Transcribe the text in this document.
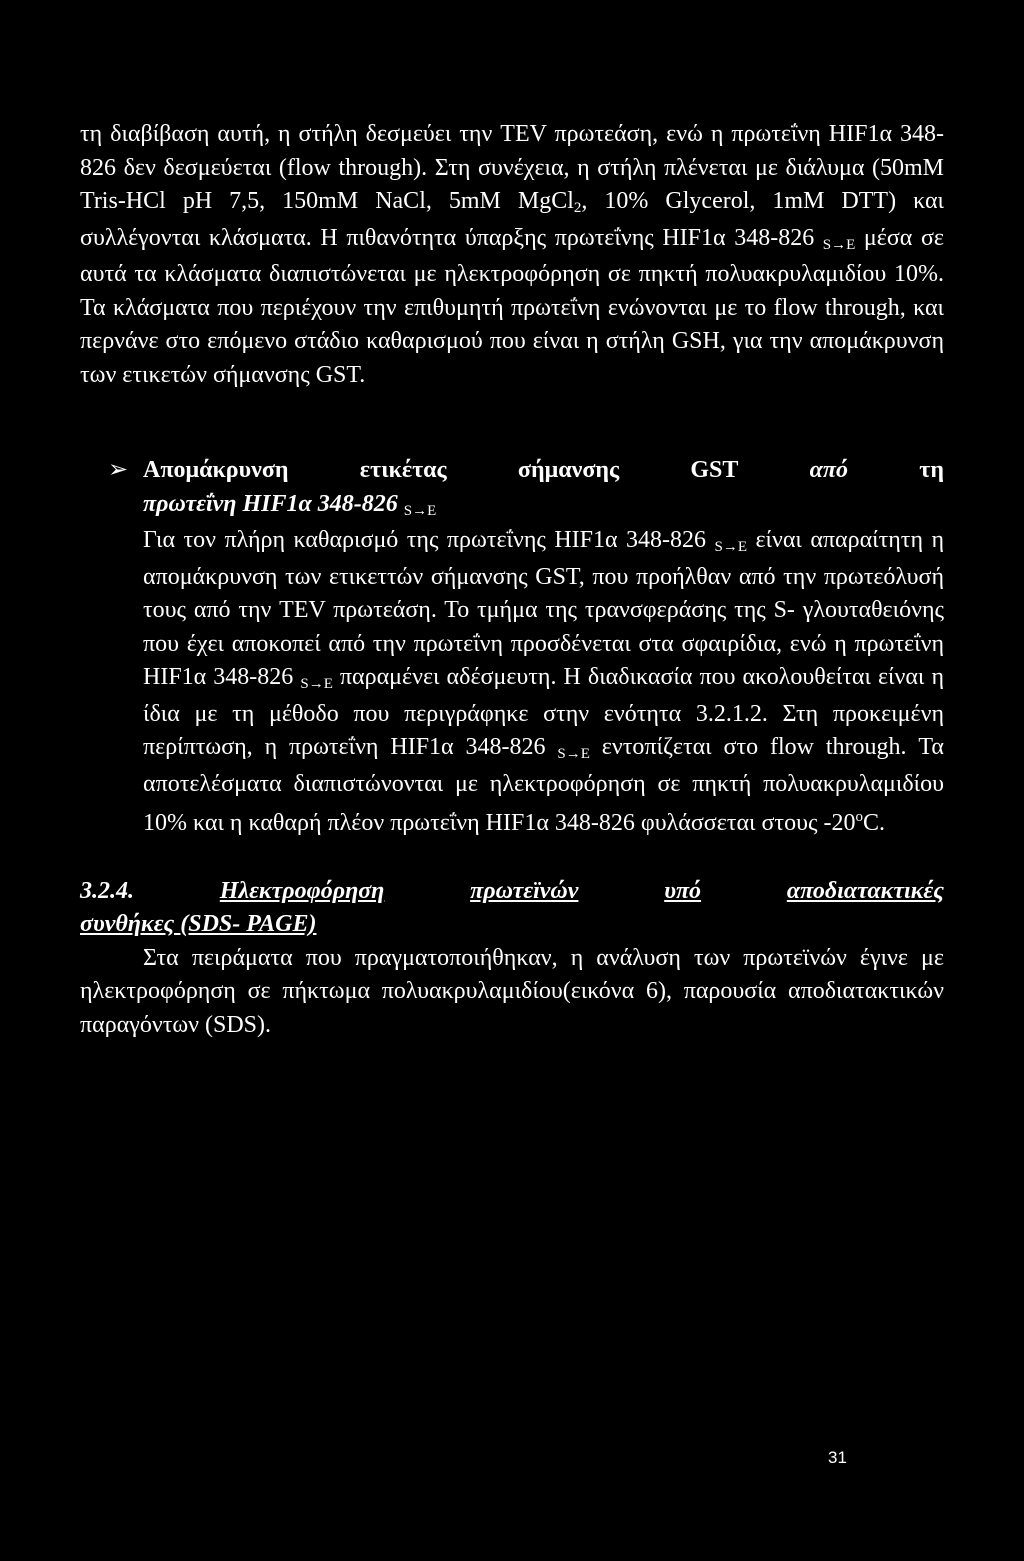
τη διαβίβαση αυτή, η στήλη δεσμεύει την TEV πρωτεάση, ενώ η πρωτεΐνη HIF1α 348-826 δεν δεσμεύεται (flow through). Στη συνέχεια, η στήλη πλένεται με διάλυμα (50mM Tris-HCl pH 7,5, 150mM NaCl, 5mM MgCl2, 10% Glycerol, 1mM DTT) και συλλέγονται κλάσματα. Η πιθανότητα ύπαρξης πρωτεΐνης HIF1α 348-826 S→E μέσα σε αυτά τα κλάσματα διαπιστώνεται με ηλεκτροφόρηση σε πηκτή πολυακρυλαμιδίου 10%. Τα κλάσματα που περιέχουν την επιθυμητή πρωτεΐνη ενώνονται με το flow through, και περνάνε στο επόμενο στάδιο καθαρισμού που είναι η στήλη GSH, για την απομάκρυνση των ετικετών σήμανσης GST.

➢ Απομάκρυνση	ετικέτας	σήμανσης	GST	από	τη
πρωτεΐνη HIF1α 348-826 S→E

Για τον πλήρη καθαρισμό της πρωτεΐνης HIF1α 348-826 S→E είναι απαραίτητη η απομάκρυνση των ετικεττών σήμανσης GST, που προήλθαν από την πρωτεόλυσή τους από την TEV πρωτεάση. Το τμήμα της τρανσφεράσης της S- γλουταθειόνης που έχει αποκοπεί από την πρωτεΐνη προσδένεται στα σφαιρίδια, ενώ η πρωτεΐνη HIF1α 348-826 S→E παραμένει αδέσμευτη. Η διαδικασία που ακολουθείται είναι η ίδια με τη μέθοδο που περιγράφηκε στην ενότητα 3.2.1.2. Στη προκειμένη περίπτωση, η πρωτεΐνη HIF1α 348-826 S→E εντοπίζεται στο flow through. Τα αποτελέσματα διαπιστώνονται με ηλεκτροφόρηση σε πηκτή πολυακρυλαμιδίου 10% και η καθαρή πλέον πρωτεΐνη HIF1α 348-826 φυλάσσεται στους -20$^o$C.

3.2.4.	Ηλεκτροφόρηση	πρωτεϊνών	υπό	αποδιατακτικές
συνθήκες (SDS- PAGE)

Στα πειράματα που πραγματοποιήθηκαν, η ανάλυση των πρωτεϊνών έγινε με ηλεκτροφόρηση σε πήκτωμα πολυακρυλαμιδίου(εικόνα 6), παρουσία αποδιατακτικών παραγόντων (SDS).

31
